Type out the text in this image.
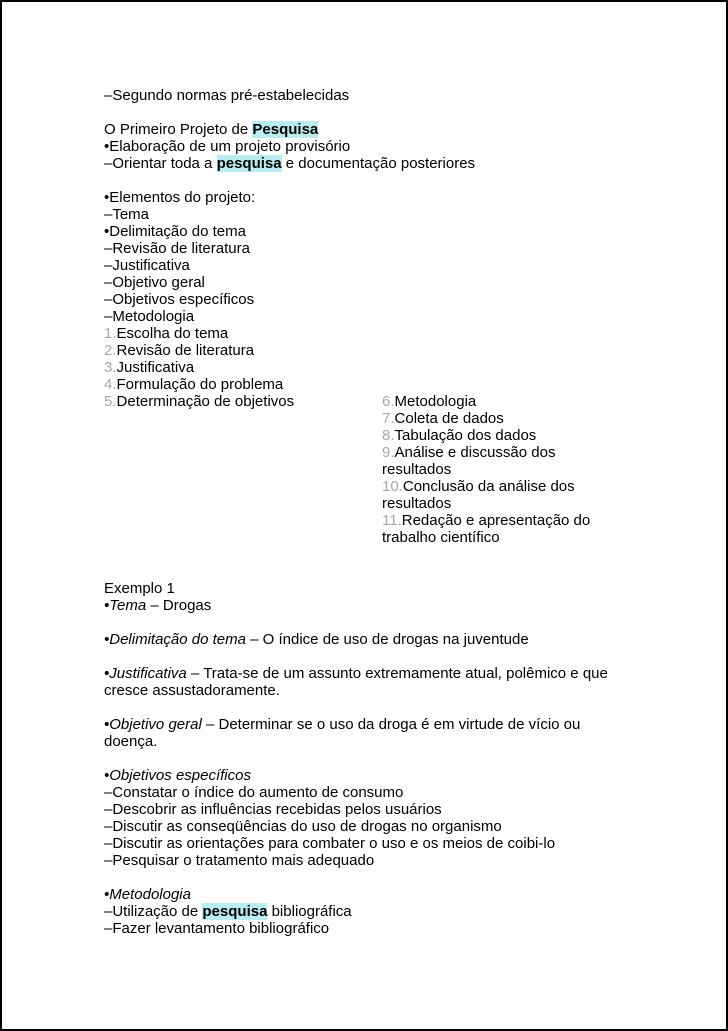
–Segundo normas pré-estabelecidas
O Primeiro Projeto de Pesquisa
•Elaboração de um projeto provisório
–Orientar toda a pesquisa e documentação posteriores
•Elementos do projeto:
–Tema
•Delimitação do tema
–Revisão de literatura
–Justificativa
–Objetivo geral
–Objetivos específicos
–Metodologia
1.Escolha do tema
2.Revisão de literatura
3.Justificativa
4.Formulação do problema
5.Determinação de objetivos	6.Metodologia
7.Coleta de dados
8.Tabulação dos dados
9.Análise e discussão dos
resultados
10.Conclusão da análise dos
resultados
11.Redação e apresentação do
trabalho científico
Exemplo 1
•Tema – Drogas
•Delimitação do tema – O índice de uso de drogas na juventude
•Justificativa – Trata-se de um assunto extremamente atual, polêmico e que
cresce assustadoramente.
•Objetivo geral – Determinar se o uso da droga é em virtude de vício ou
doença.
•Objetivos específicos
–Constatar o índice do aumento de consumo
–Descobrir as influências recebidas pelos usuários
–Discutir as conseqüências do uso de drogas no organismo
–Discutir as orientações para combater o uso e os meios de coibi-lo
–Pesquisar o tratamento mais adequado
•Metodologia
–Utilização de pesquisa bibliográfica
–Fazer levantamento bibliográfico
